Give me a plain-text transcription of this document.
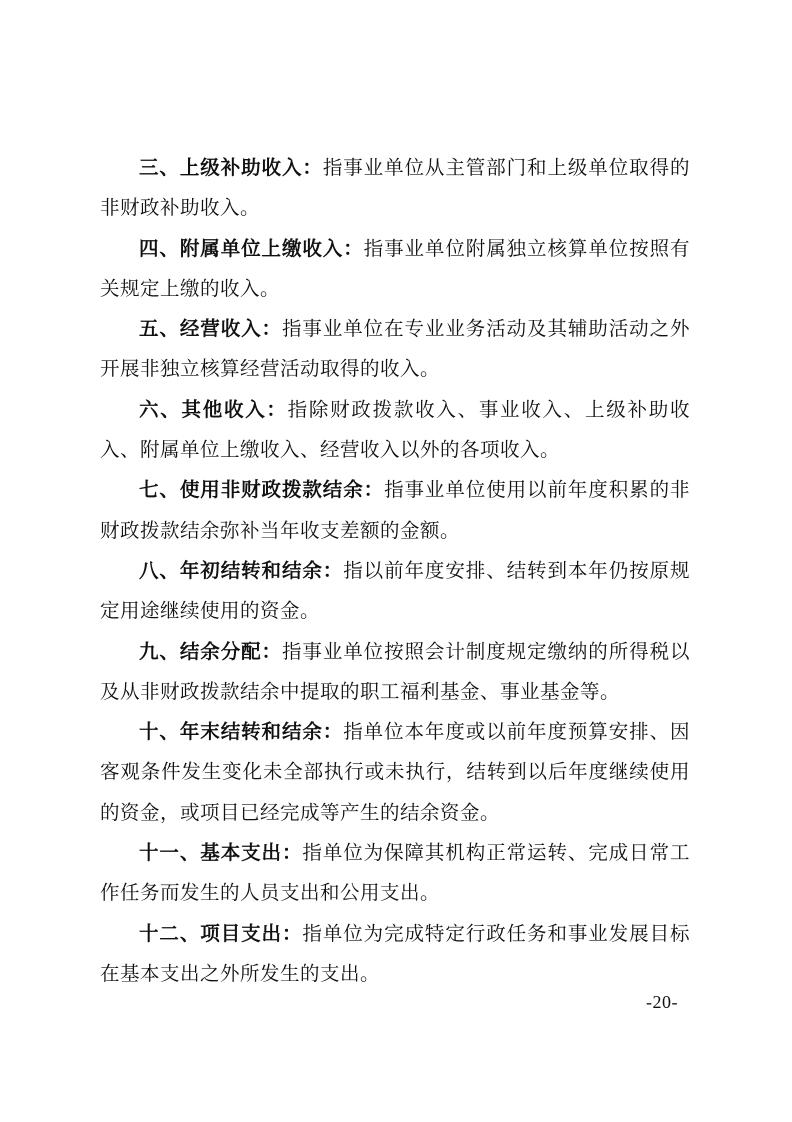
三、上级补助收入：指事业单位从主管部门和上级单位取得的非财政补助收入。

四、附属单位上缴收入：指事业单位附属独立核算单位按照有关规定上缴的收入。

五、经营收入：指事业单位在专业业务活动及其辅助活动之外开展非独立核算经营活动取得的收入。

六、其他收入：指除财政拨款收入、事业收入、上级补助收入、附属单位上缴收入、经营收入以外的各项收入。

七、使用非财政拨款结余：指事业单位使用以前年度积累的非财政拨款结余弥补当年收支差额的金额。

八、年初结转和结余：指以前年度安排、结转到本年仍按原规定用途继续使用的资金。

九、结余分配：指事业单位按照会计制度规定缴纳的所得税以及从非财政拨款结余中提取的职工福利基金、事业基金等。

十、年末结转和结余：指单位本年度或以前年度预算安排、因客观条件发生变化未全部执行或未执行，结转到以后年度继续使用的资金，或项目已经完成等产生的结余资金。

十一、基本支出：指单位为保障其机构正常运转、完成日常工作任务而发生的人员支出和公用支出。

十二、项目支出：指单位为完成特定行政任务和事业发展目标在基本支出之外所发生的支出。

-20-
